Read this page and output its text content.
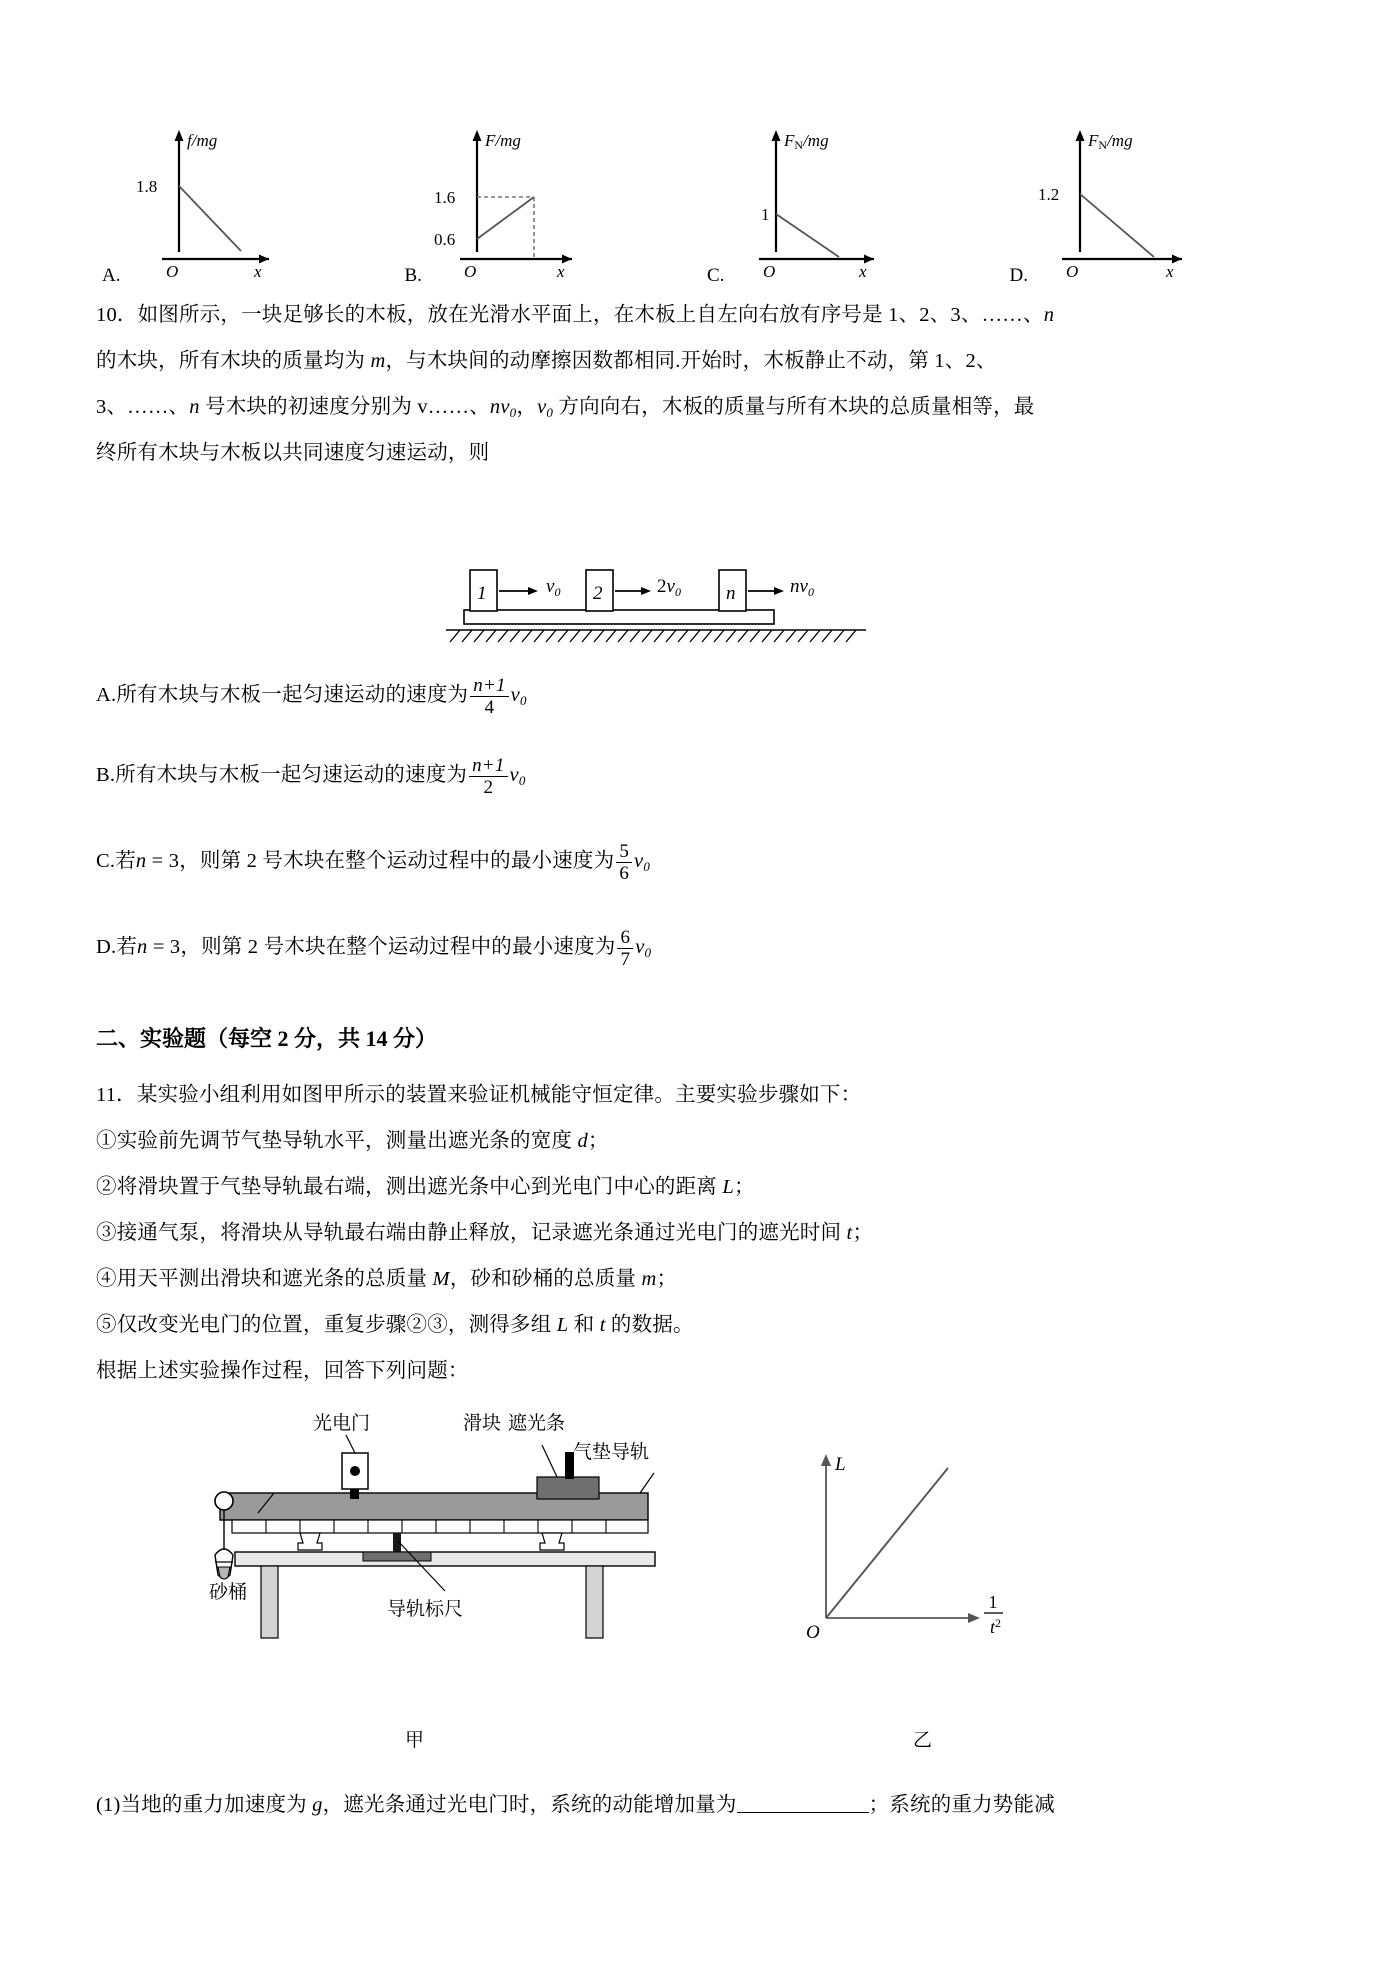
f/mg
1.8
O	x
A.
F/mg
1.6
0.6
O	x
B.
FN/mg
1
O	x
C.
FN/mg
1.2
O	x
D.
10．如图所示，一块足够长的木板，放在光滑水平面上，在木板上自左向右放有序号是 1、2、3、……、n
的木块，所有木块的质量均为 m，与木块间的动摩擦因数都相同.开始时，木板静止不动，第 1、2、
3、……、n 号木块的初速度分别为 v……、$nv_0$，$v_0$ 方向向右，木板的质量与所有木块的总质量相等，最
终所有木块与木板以共同速度匀速运动，则
1	v0 2	2v0 n	nv0
A.所有木块与木板一起匀速运动的速度为 $\frac{n+1}{4} v_0$
B.所有木块与木板一起匀速运动的速度为 $\frac{n+1}{2} v_0$
C.若n = 3，则第 2 号木块在整个运动过程中的最小速度为 $\frac{5}{6} v_0$
D.若n = 3，则第 2 号木块在整个运动过程中的最小速度为 $\frac{6}{7} v_0$
二、实验题（每空 2 分，共 14 分）
11．某实验小组利用如图甲所示的装置来验证机械能守恒定律。主要实验步骤如下：
①实验前先调节气垫导轨水平，测量出遮光条的宽度 d；
②将滑块置于气垫导轨最右端，测出遮光条中心到光电门中心的距离 L；
③接通气泵，将滑块从导轨最右端由静止释放，记录遮光条通过光电门的遮光时间 t；
④用天平测出滑块和遮光条的总质量 M，砂和砂桶的总质量 m；
⑤仅改变光电门的位置，重复步骤②③，测得多组 L 和 t 的数据。
根据上述实验操作过程，回答下列问题：
光电门	滑块 遮光条
气垫导轨
砂桶
导轨标尺
甲
L
O
1
t2
乙
(1)当地的重力加速度为 g，遮光条通过光电门时，系统的动能增加量为	；系统的重力势能减
